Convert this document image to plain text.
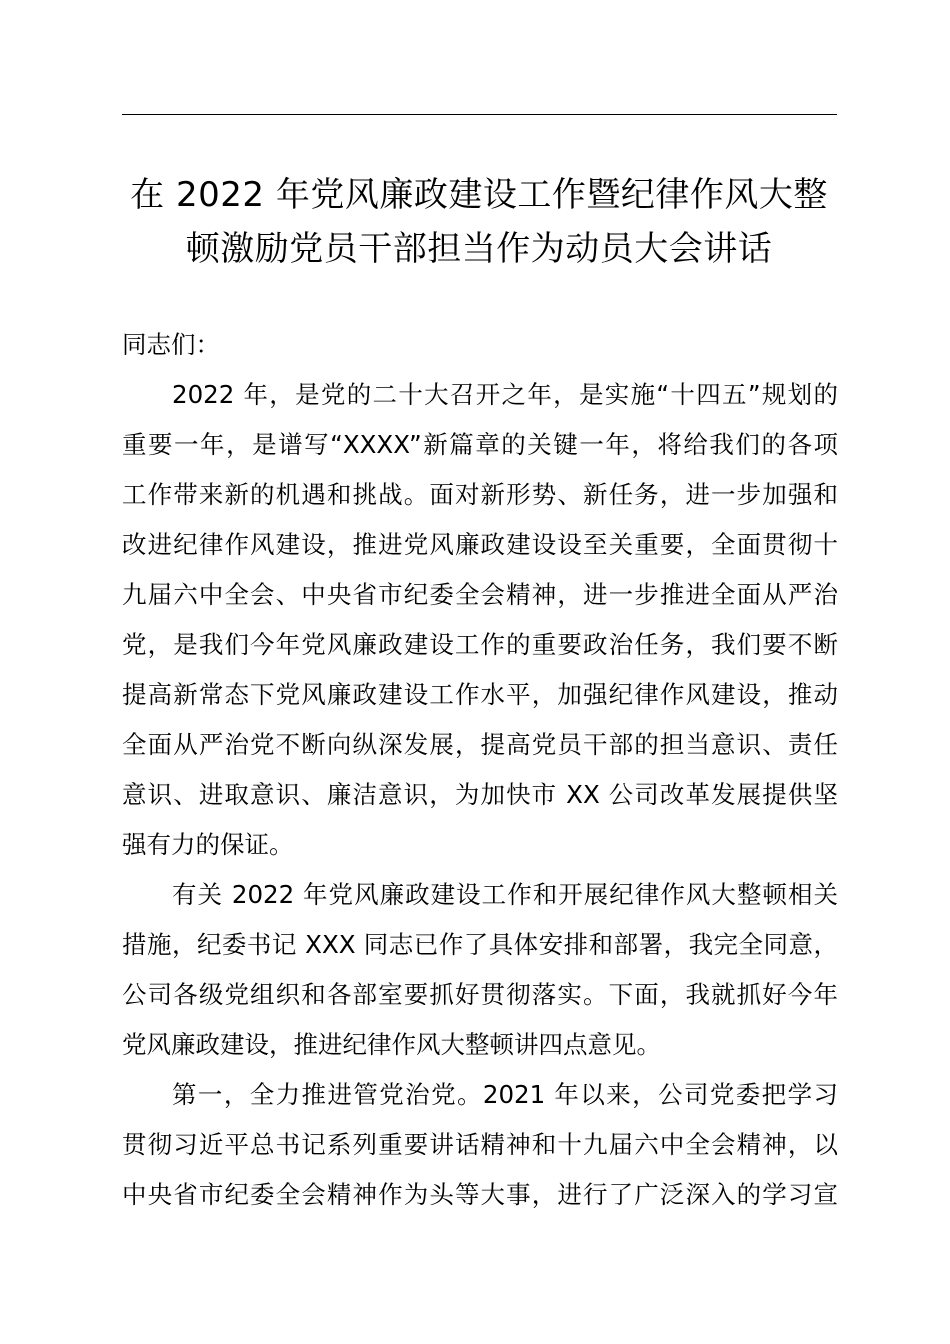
在 2022 年党风廉政建设工作暨纪律作风大整
顿激励党员干部担当作为动员大会讲话
同志们：

2022 年，是党的二十大召开之年，是实施“十四五”规划的
重要一年，是谱写“XXXX”新篇章的关键一年，将给我们的各项
工作带来新的机遇和挑战。面对新形势、新任务，进一步加强和
改进纪律作风建设，推进党风廉政建设设至关重要，全面贯彻十
九届六中全会、中央省市纪委全会精神，进一步推进全面从严治
党，是我们今年党风廉政建设工作的重要政治任务，我们要不断
提高新常态下党风廉政建设工作水平，加强纪律作风建设，推动
全面从严治党不断向纵深发展，提高党员干部的担当意识、责任
意识、进取意识、廉洁意识，为加快市 XX 公司改革发展提供坚
强有力的保证。

有关 2022 年党风廉政建设工作和开展纪律作风大整顿相关
措施，纪委书记 XXX 同志已作了具体安排和部署，我完全同意，
公司各级党组织和各部室要抓好贯彻落实。下面，我就抓好今年
党风廉政建设，推进纪律作风大整顿讲四点意见。

第一，全力推进管党治党。2021 年以来，公司党委把学习
贯彻习近平总书记系列重要讲话精神和十九届六中全会精神，以
中央省市纪委全会精神作为头等大事，进行了广泛深入的学习宣
